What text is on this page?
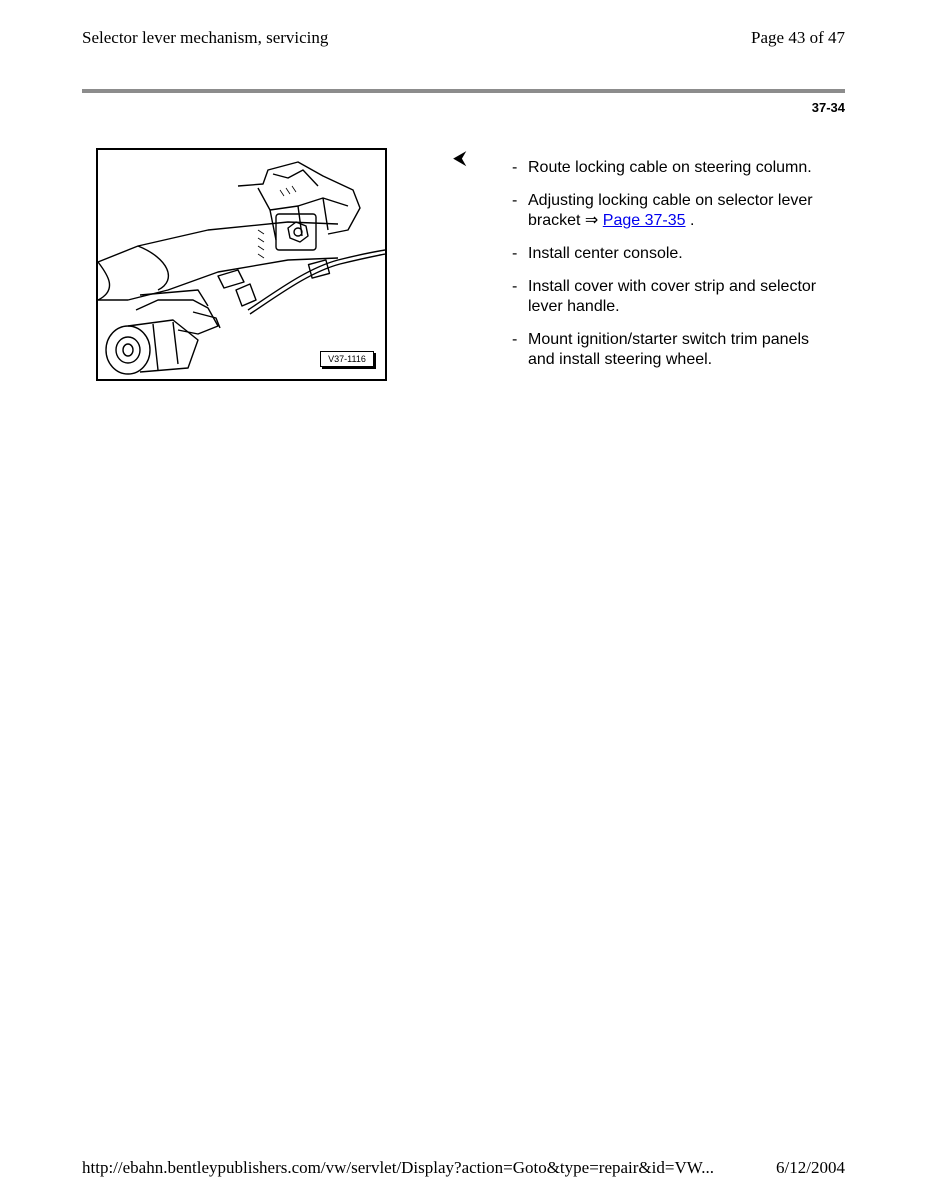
Selector lever mechanism, servicing	Page 43 of 47
37-34
V37-1116
⮜	- Route locking cable on steering column.
- Adjusting locking cable on selector lever bracket ⇒ Page 37-35 .
- Install center console.
- Install cover with cover strip and selector lever handle.
- Mount ignition/starter switch trim panels and install steering wheel.
http://ebahn.bentleypublishers.com/vw/servlet/Display?action=Goto&type=repair&id=VW...	6/12/2004
